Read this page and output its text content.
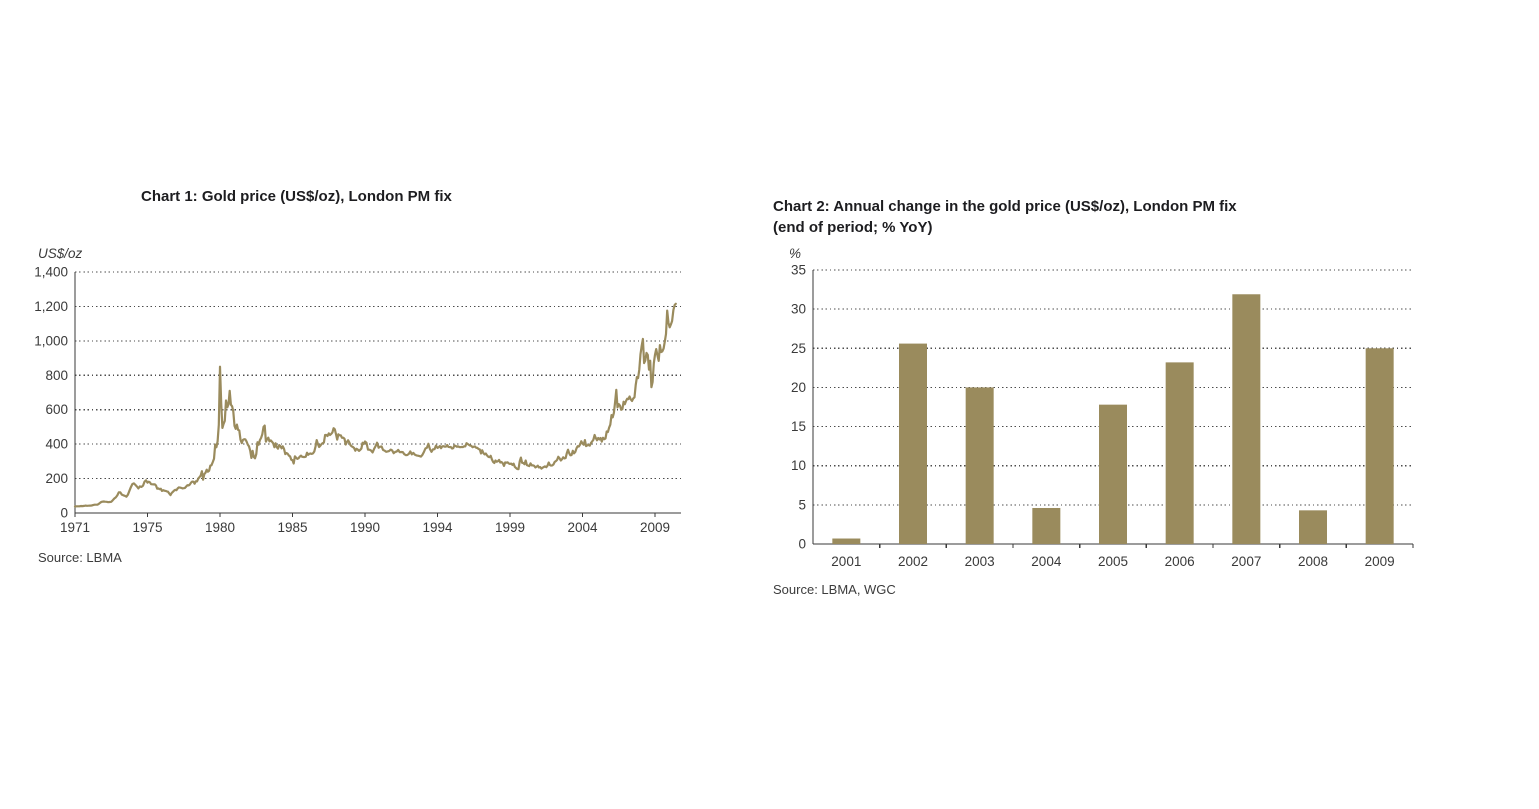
Chart 1: Gold price (US$/oz), London PM fix
US$/oz
Chart 2: Annual change in the gold price (US$/oz), London PM fix
(end of period; % YoY)
%
0
200
400
600
800
1,000
1,200
1,400
1971	1975	1980	1985	1990	1994	1999	2004	2009
0
5
10
15
20
25
30
35
2001	2002	2003	2004	2005	2006	2007	2008	2009
Source: LBMA
Source: LBMA, WGC
